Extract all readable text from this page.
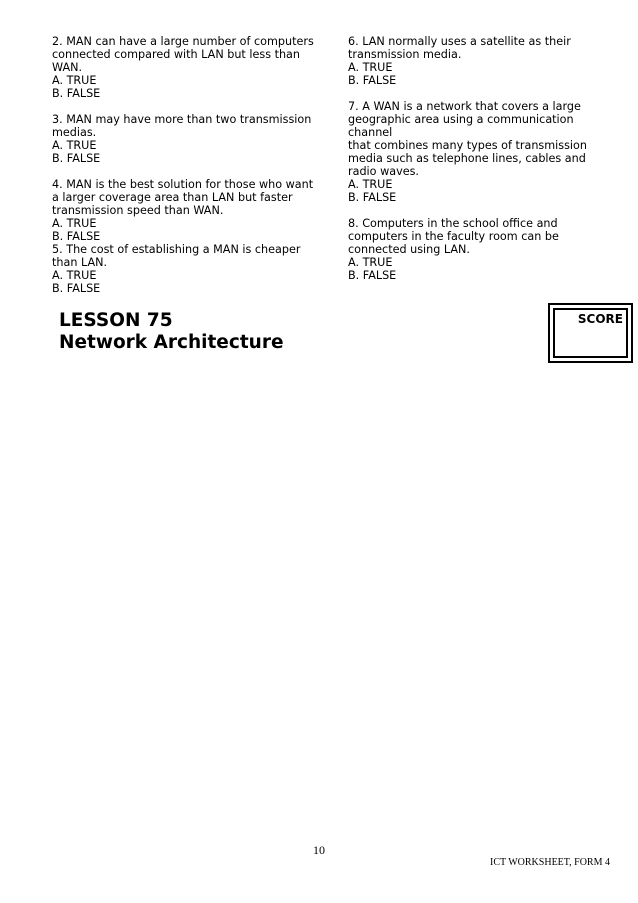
2. MAN can have a large number of computers
connected compared with LAN but less than
WAN.
A. TRUE
B. FALSE
3. MAN may have more than two transmission
medias.
A. TRUE
B. FALSE
4. MAN is the best solution for those who want
a larger coverage area than LAN but faster
transmission speed than WAN.
A. TRUE
B. FALSE
5. The cost of establishing a MAN is cheaper
than LAN.
A. TRUE
B. FALSE
6. LAN normally uses a satellite as their
transmission media.
A. TRUE
B. FALSE
7. A WAN is a network that covers a large
geographic area using a communication
channel
that combines many types of transmission
media such as telephone lines, cables and
radio waves.
A. TRUE
B. FALSE
8. Computers in the school office and
computers in the faculty room can be
connected using LAN.
A. TRUE
B. FALSE
LESSON 75
Network Architecture
SCORE
10
ICT WORKSHEET, FORM 4
